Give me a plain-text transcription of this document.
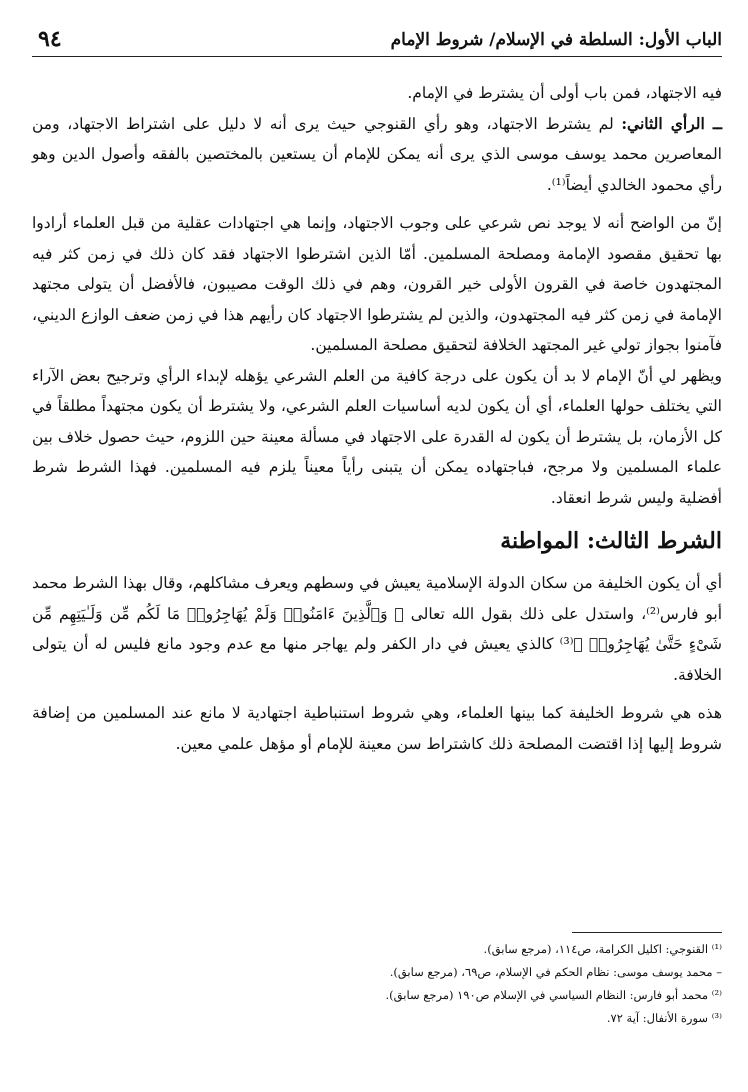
الباب الأول: السلطة في الإسلام/ شروط الإمام
٩٤

فيه الاجتهاد، فمن باب أولى أن يشترط في الإمام.

ــ الرأي الثاني: لم يشترط الاجتهاد، وهو رأي القنوجي حيث يرى أنه لا دليل على اشتراط الاجتهاد، ومن المعاصرين محمد يوسف موسى الذي يرى أنه يمكن للإمام أن يستعين بالمختصين بالفقه وأصول الدين وهو رأي محمود الخالدي أيضاً⁽¹⁾.

إنّ من الواضح أنه لا يوجد نص شرعي على وجوب الاجتهاد، وإنما هي اجتهادات عقلية من قبل العلماء أرادوا بها تحقيق مقصود الإمامة ومصلحة المسلمين. أمّا الذين اشترطوا الاجتهاد فقد كان ذلك في زمن كثر فيه المجتهدون خاصة في القرون الأولى خير القرون، وهم في ذلك الوقت مصيبون، فالأفضل أن يتولى مجتهد الإمامة في زمن كثر فيه المجتهدون، والذين لم يشترطوا الاجتهاد كان رأيهم هذا في زمن ضعف الوازع الديني، فآمنوا بجواز تولي غير المجتهد الخلافة لتحقيق مصلحة المسلمين.

ويظهر لي أنّ الإمام لا بد أن يكون على درجة كافية من العلم الشرعي يؤهله لإبداء الرأي وترجيح بعض الآراء التي يختلف حولها العلماء، أي أن يكون لديه أساسيات العلم الشرعي، ولا يشترط أن يكون مجتهداً مطلقاً في كل الأزمان، بل يشترط أن يكون له القدرة على الاجتهاد في مسألة معينة حين اللزوم، حيث حصول خلاف بين علماء المسلمين ولا مرجح، فباجتهاده يمكن أن يتبنى رأياً معيناً يلزم فيه المسلمين. فهذا الشرط شرط أفضلية وليس شرط انعقاد.

الشرط الثالث: المواطنة

أي أن يكون الخليفة من سكان الدولة الإسلامية يعيش في وسطهم ويعرف مشاكلهم، وقال بهذا الشرط محمد أبو فارس⁽²⁾، واستدل على ذلك بقول الله تعالى ﴿ وَٱلَّذِينَ ءَامَنُوا۟ وَلَمْ يُهَاجِرُوا۟ مَا لَكُم مِّن وَلَـٰيَتِهِم مِّن شَىْءٍ حَتَّىٰ يُهَاجِرُوا۟ ﴾⁽³⁾ كالذي يعيش في دار الكفر ولم يهاجر منها مع عدم وجود مانع فليس له أن يتولى الخلافة.

هذه هي شروط الخليفة كما بينها العلماء، وهي شروط استنباطية اجتهادية لا مانع عند المسلمين من إضافة شروط إليها إذا اقتضت المصلحة ذلك كاشتراط سن معينة للإمام أو مؤهل علمي معين.

⁽¹⁾ القنوجي: اكليل الكرامة، ص١١٤، (مرجع سابق).

– محمد يوسف موسى: نظام الحكم في الإسلام، ص٦٩، (مرجع سابق).

⁽²⁾ محمد أبو فارس: النظام السياسي في الإسلام ص١٩٠ (مرجع سابق).

⁽³⁾ سورة الأنفال: آية ٧٢.
